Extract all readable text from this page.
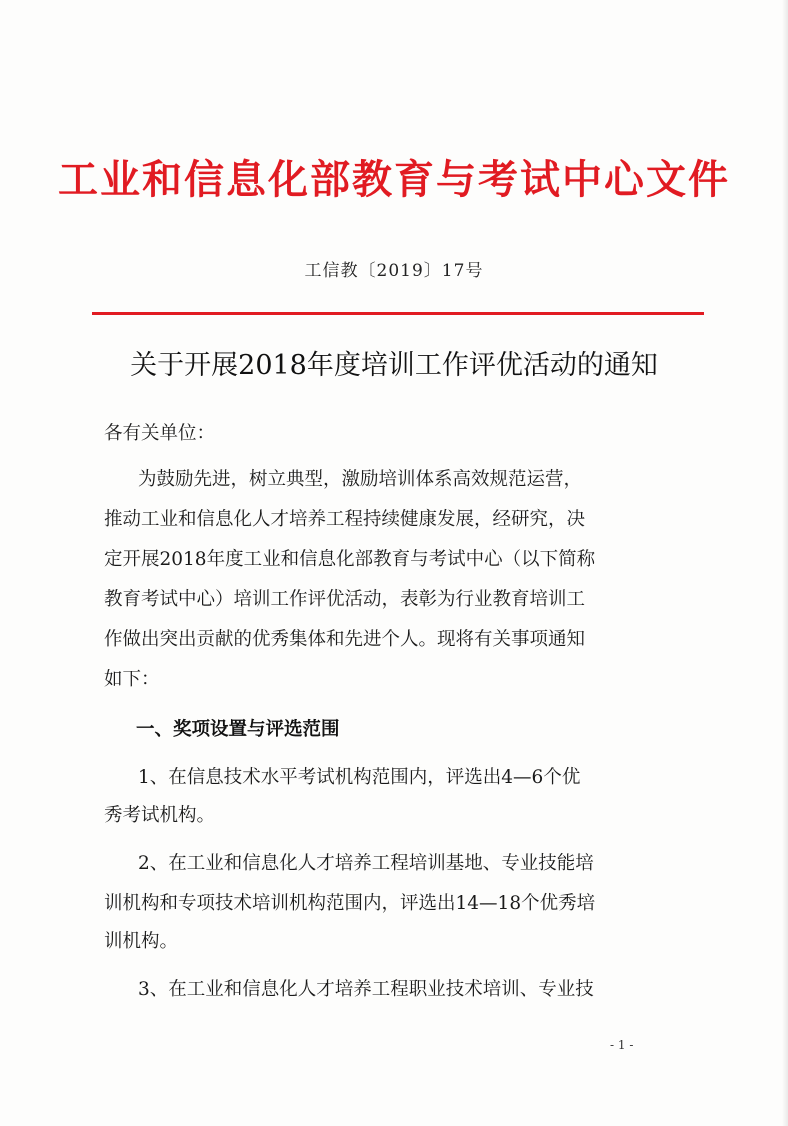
工业和信息化部教育与考试中心文件
工信教〔2019〕17号
关于开展2018年度培训工作评优活动的通知
各有关单位：
为鼓励先进，树立典型，激励培训体系高效规范运营，
推动工业和信息化人才培养工程持续健康发展，经研究，决
定开展2018年度工业和信息化部教育与考试中心（以下简称
教育考试中心）培训工作评优活动，表彰为行业教育培训工
作做出突出贡献的优秀集体和先进个人。现将有关事项通知
如下：
一、奖项设置与评选范围
1、在信息技术水平考试机构范围内，评选出4—6个优
秀考试机构。
2、在工业和信息化人才培养工程培训基地、专业技能培
训机构和专项技术培训机构范围内，评选出14—18个优秀培
训机构。
3、在工业和信息化人才培养工程职业技术培训、专业技
- 1 -
